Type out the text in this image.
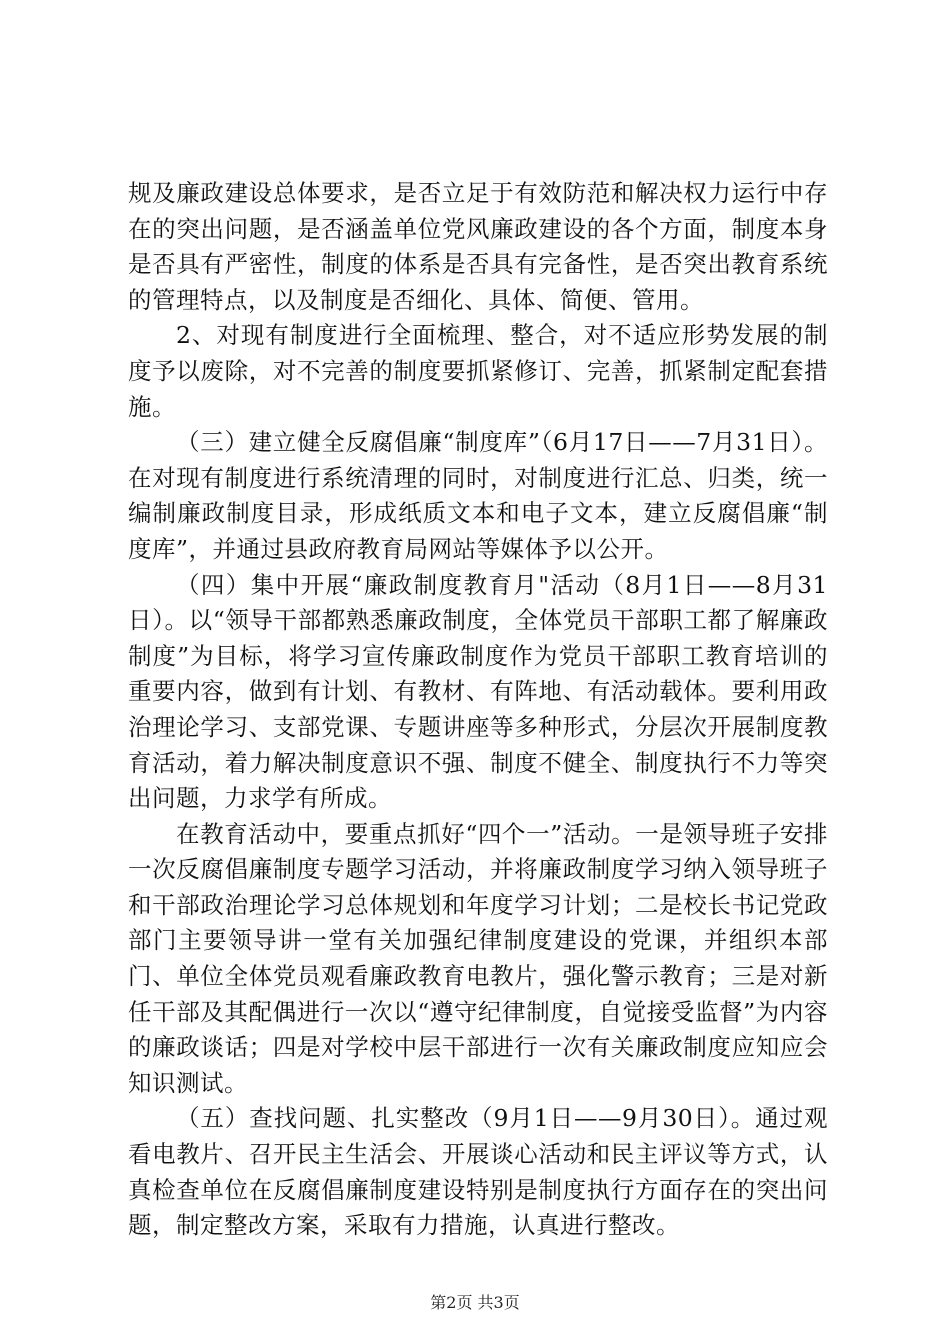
规及廉政建设总体要求，是否立足于有效防范和解决权力运行中存在的突出问题，是否涵盖单位党风廉政建设的各个方面，制度本身是否具有严密性，制度的体系是否具有完备性，是否突出教育系统的管理特点，以及制度是否细化、具体、简便、管用。

2、对现有制度进行全面梳理、整合，对不适应形势发展的制度予以废除，对不完善的制度要抓紧修订、完善，抓紧制定配套措施。

（三）建立健全反腐倡廉“制度库”（6月17日——7月31日）。在对现有制度进行系统清理的同时，对制度进行汇总、归类，统一编制廉政制度目录，形成纸质文本和电子文本，建立反腐倡廉“制度库”，并通过县政府教育局网站等媒体予以公开。

（四）集中开展“廉政制度教育月"活动（8月1日——8月31日）。以“领导干部都熟悉廉政制度，全体党员干部职工都了解廉政制度”为目标，将学习宣传廉政制度作为党员干部职工教育培训的重要内容，做到有计划、有教材、有阵地、有活动载体。要利用政治理论学习、支部党课、专题讲座等多种形式，分层次开展制度教育活动，着力解决制度意识不强、制度不健全、制度执行不力等突出问题，力求学有所成。

在教育活动中，要重点抓好“四个一”活动。一是领导班子安排一次反腐倡廉制度专题学习活动，并将廉政制度学习纳入领导班子和干部政治理论学习总体规划和年度学习计划；二是校长书记党政部门主要领导讲一堂有关加强纪律制度建设的党课，并组织本部门、单位全体党员观看廉政教育电教片，强化警示教育；三是对新任干部及其配偶进行一次以“遵守纪律制度，自觉接受监督”为内容的廉政谈话；四是对学校中层干部进行一次有关廉政制度应知应会知识测试。

（五）查找问题、扎实整改（9月1日——9月30日）。通过观看电教片、召开民主生活会、开展谈心活动和民主评议等方式，认真检查单位在反腐倡廉制度建设特别是制度执行方面存在的突出问题，制定整改方案，采取有力措施，认真进行整改。

第2页 共3页
